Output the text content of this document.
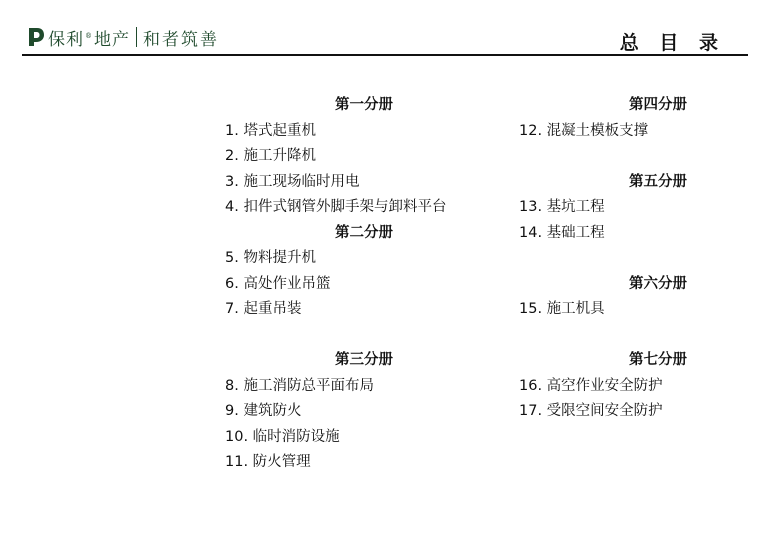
保利®地产 和者筑善	总 目 录
第一分册
1. 塔式起重机
2. 施工升降机
3. 施工现场临时用电
4. 扣件式钢管外脚手架与卸料平台
第二分册
5. 物料提升机
6. 高处作业吊篮
7. 起重吊装
第三分册
8. 施工消防总平面布局
9. 建筑防火
10. 临时消防设施
11. 防火管理
第四分册
12. 混凝土模板支撑
第五分册
13. 基坑工程
14. 基础工程
第六分册
15. 施工机具
第七分册
16. 高空作业安全防护
17. 受限空间安全防护
